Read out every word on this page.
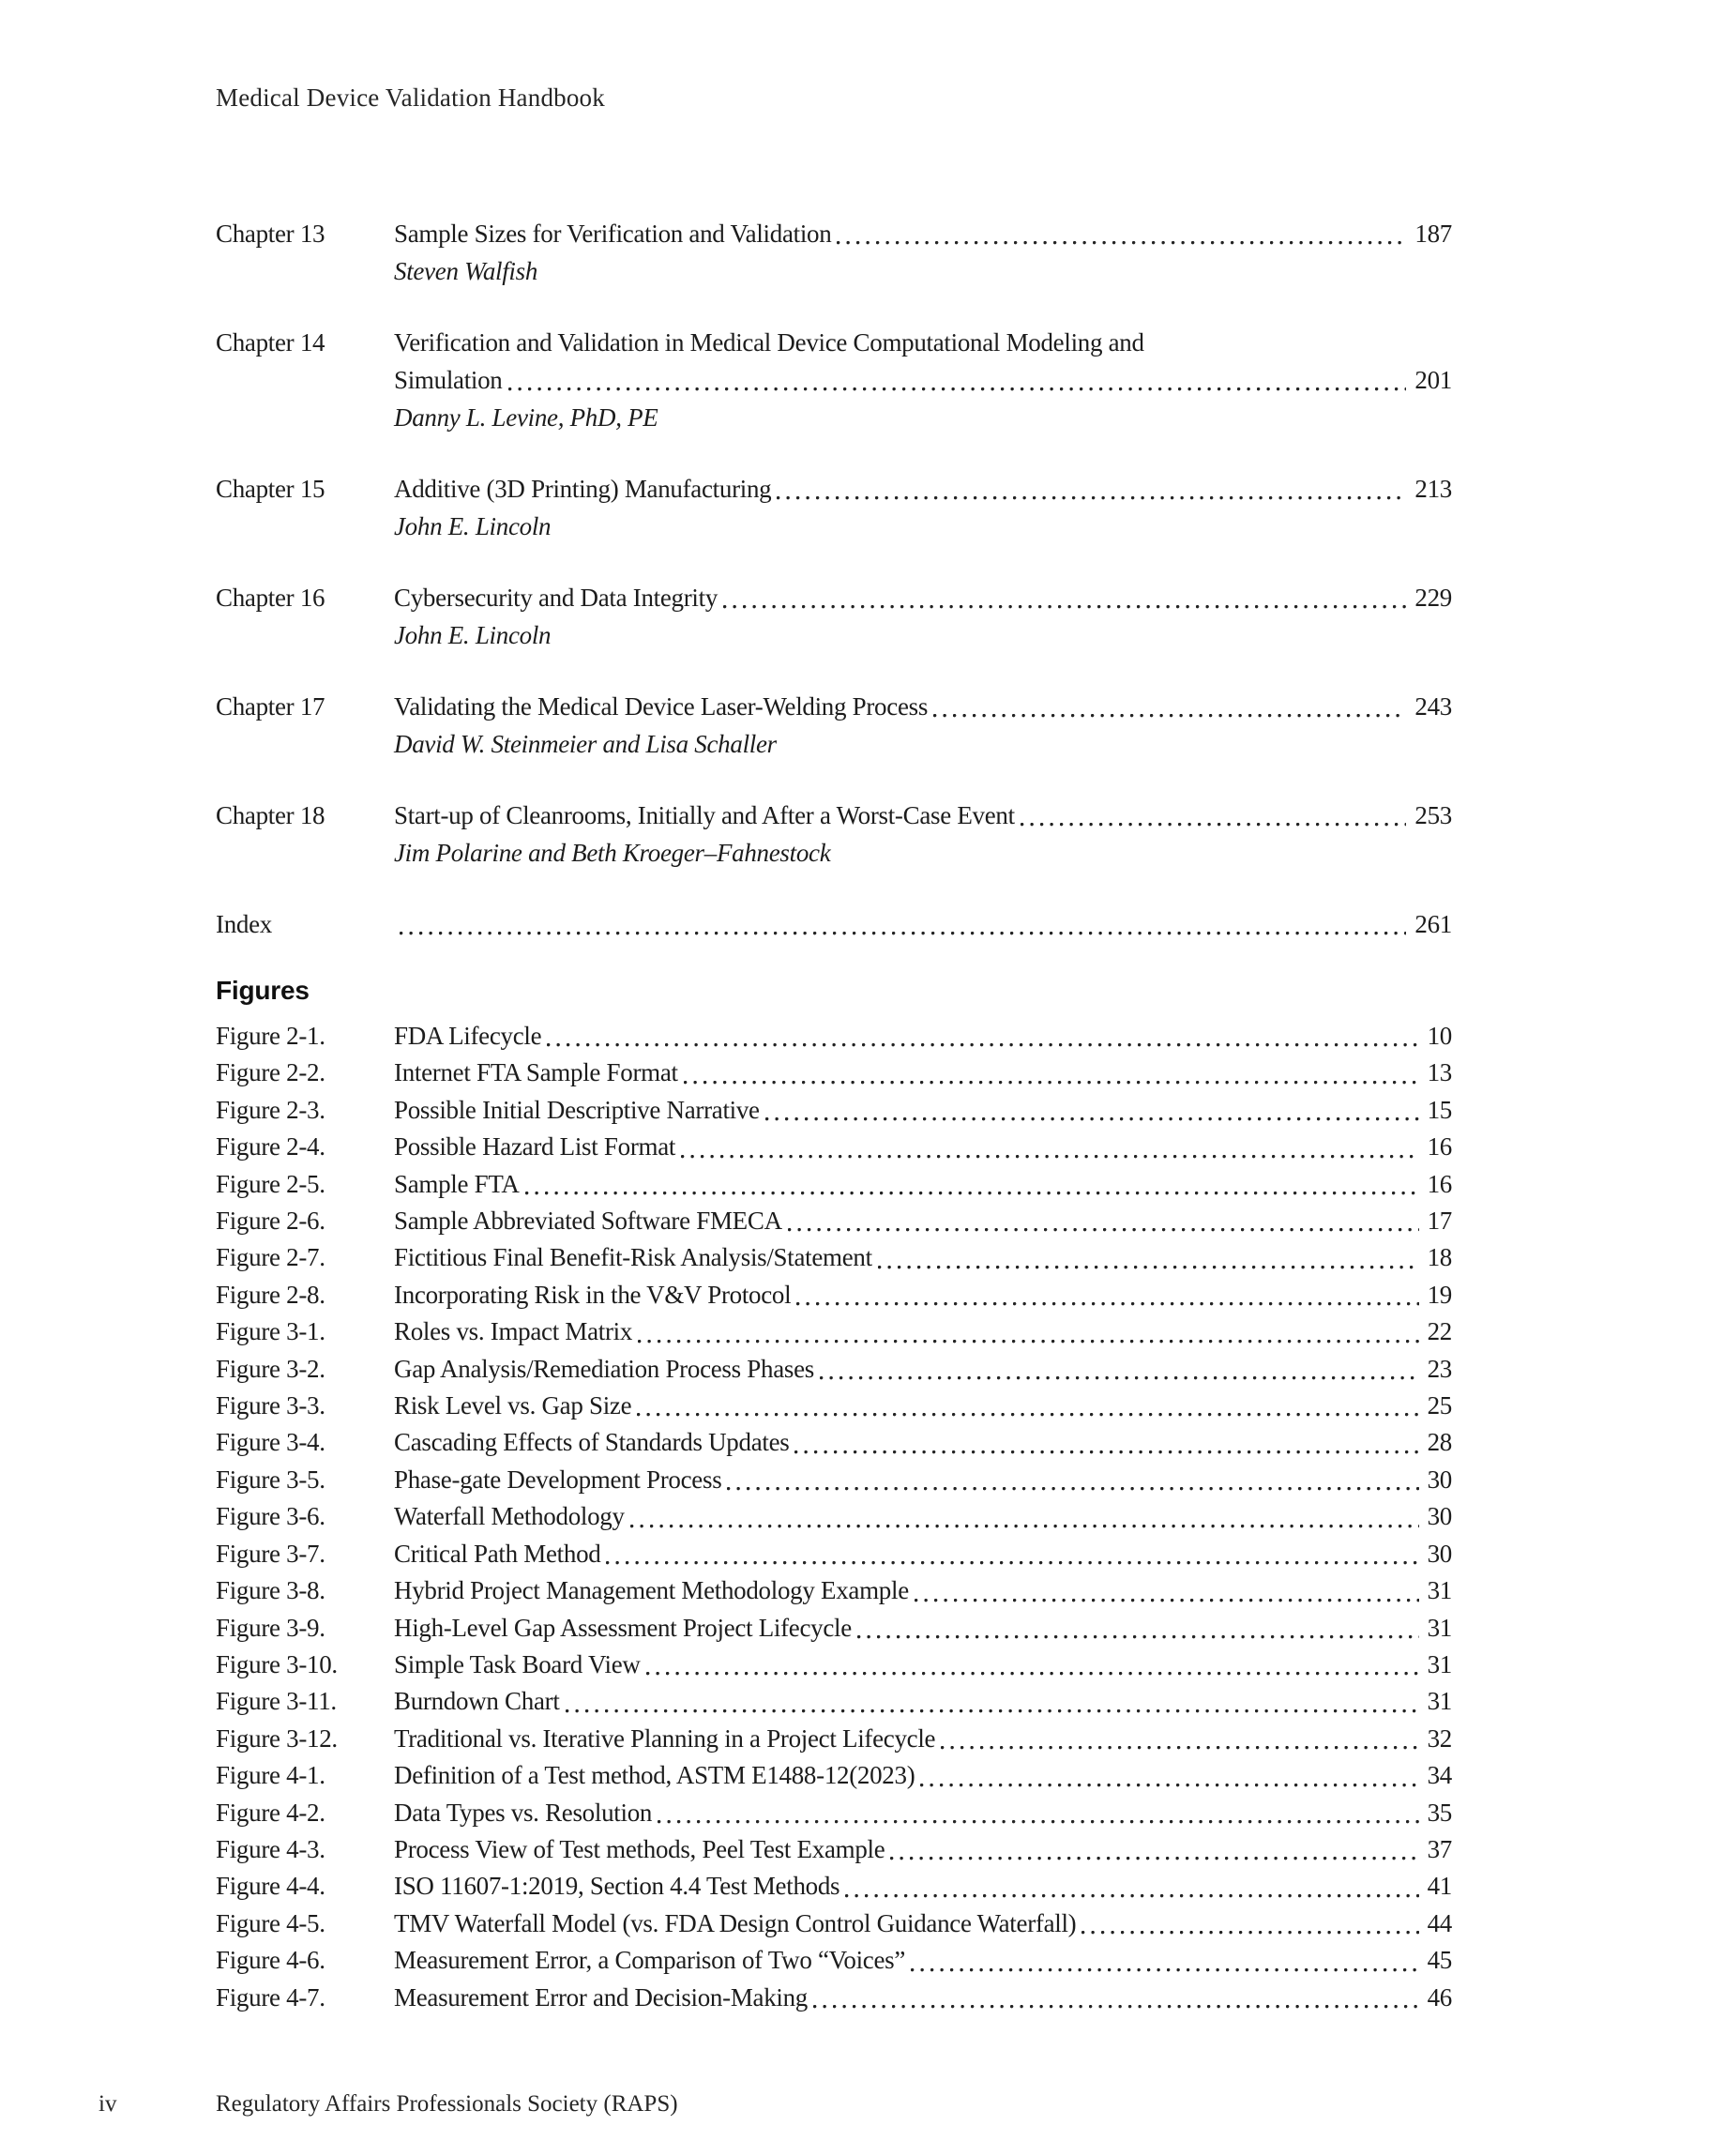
Medical Device Validation Handbook
Chapter 13	Sample Sizes for Verification and Validation	187
Steven Walfish
Chapter 14	Verification and Validation in Medical Device Computational Modeling and
Simulation	201
Danny L. Levine, PhD, PE
Chapter 15	Additive (3D Printing) Manufacturing	213
John E. Lincoln
Chapter 16	Cybersecurity and Data Integrity	229
John E. Lincoln
Chapter 17	Validating the Medical Device Laser-Welding Process	243
David W. Steinmeier and Lisa Schaller
Chapter 18	Start-up of Cleanrooms, Initially and After a Worst-Case Event	253
Jim Polarine and Beth Kroeger–Fahnestock
Index	261
Figures
Figure 2-1.	FDA Lifecycle	10
Figure 2-2.	Internet FTA Sample Format	13
Figure 2-3.	Possible Initial Descriptive Narrative	15
Figure 2-4.	Possible Hazard List Format	16
Figure 2-5.	Sample FTA	16
Figure 2-6.	Sample Abbreviated Software FMECA	17
Figure 2-7.	Fictitious Final Benefit-Risk Analysis/Statement	18
Figure 2-8.	Incorporating Risk in the V&V Protocol	19
Figure 3-1.	Roles vs. Impact Matrix	22
Figure 3-2.	Gap Analysis/Remediation Process Phases	23
Figure 3-3.	Risk Level vs. Gap Size	25
Figure 3-4.	Cascading Effects of Standards Updates	28
Figure 3-5.	Phase-gate Development Process	30
Figure 3-6.	Waterfall Methodology	30
Figure 3-7.	Critical Path Method	30
Figure 3-8.	Hybrid Project Management Methodology Example	31
Figure 3-9.	High-Level Gap Assessment Project Lifecycle	31
Figure 3-10.	Simple Task Board View	31
Figure 3-11.	Burndown Chart	31
Figure 3-12.	Traditional vs. Iterative Planning in a Project Lifecycle	32
Figure 4-1.	Definition of a Test method, ASTM E1488-12(2023)	34
Figure 4-2.	Data Types vs. Resolution	35
Figure 4-3.	Process View of Test methods, Peel Test Example	37
Figure 4-4.	ISO 11607-1:2019, Section 4.4 Test Methods	41
Figure 4-5.	TMV Waterfall Model (vs. FDA Design Control Guidance Waterfall)	44
Figure 4-6.	Measurement Error, a Comparison of Two “Voices”	45
Figure 4-7.	Measurement Error and Decision-Making	46
iv	Regulatory Affairs Professionals Society (RAPS)
